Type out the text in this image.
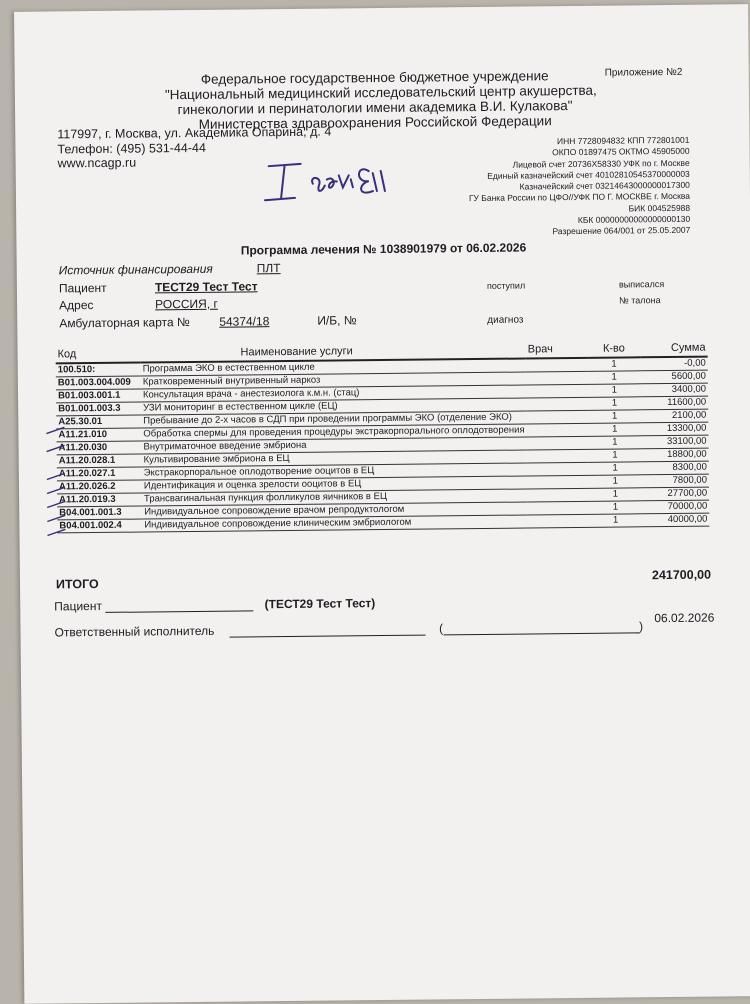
Приложение №2
Федеральное государственное бюджетное учреждение
"Национальный медицинский исследовательский центр акушерства,
гинекологии и перинатологии имени академика В.И. Кулакова"
Министерства здравоохранения Российской Федерации
117997, г. Москва, ул. Академика Опарина, д. 4
Телефон: (495) 531-44-44
www.ncagp.ru
ИНН 7728094832 КПП 772801001
ОКПО 01897475 ОКТМО 45905000
Лицевой счет 20736Х58330 УФК по г. Москве
Единый казначейский счет 40102810545370000003
Казначейский счет 03214643000000017300
ГУ Банка России по ЦФО//УФК ПО Г. МОСКВЕ г. Москва
БИК 004525988
КБК 00000000000000000130
Разрешение 064/001 от 25.05.2007
Программа лечения № 1038901979 от 06.02.2026
Источник финансирования	ПЛТ
Пациент	ТЕСТ29 Тест Тест	поступил	выписался
Адрес	РОССИЯ, г	№ талона
Амбулаторная карта № 54374/18	И/Б, №	диагноз
Код	Наименование услуги	Врач	К-во	Сумма
100.510:	Программа ЭКО в естественном цикле		1	-0,00
B01.003.004.009	Кратковременный внутривенный наркоз		1	5600,00
B01.003.001.1	Консультация врача - анестезиолога к.м.н. (стац)		1	3400,00
B01.001.003.3	УЗИ мониторинг в естественном цикле (ЕЦ)		1	11600,00
A25.30.01	Пребывание до 2-х часов в СДП при проведении программы ЭКО (отделение ЭКО)		1	2100,00
A11.21.010	Обработка спермы для проведения процедуры экстракорпорального оплодотворения		1	13300,00
A11.20.030	Внутриматочное введение эмбриона		1	33100,00
A11.20.028.1	Культивирование эмбриона в ЕЦ		1	18800,00
A11.20.027.1	Экстракорпоральное оплодотворение ооцитов в ЕЦ		1	8300,00
A11.20.026.2	Идентификация и оценка зрелости ооцитов в ЕЦ		1	7800,00
A11.20.019.3	Трансвагинальная пункция фолликулов яичников в ЕЦ		1	27700,00
B04.001.001.3	Индивидуальное сопровождение врачом репродуктологом		1	70000,00
B04.001.002.4	Индивидуальное сопровождение клиническим эмбриологом		1	40000,00
ИТОГО
241700,00
Пациент	(ТЕСТ29 Тест Тест)
Ответственный исполнитель	(	) 06.02.2026
